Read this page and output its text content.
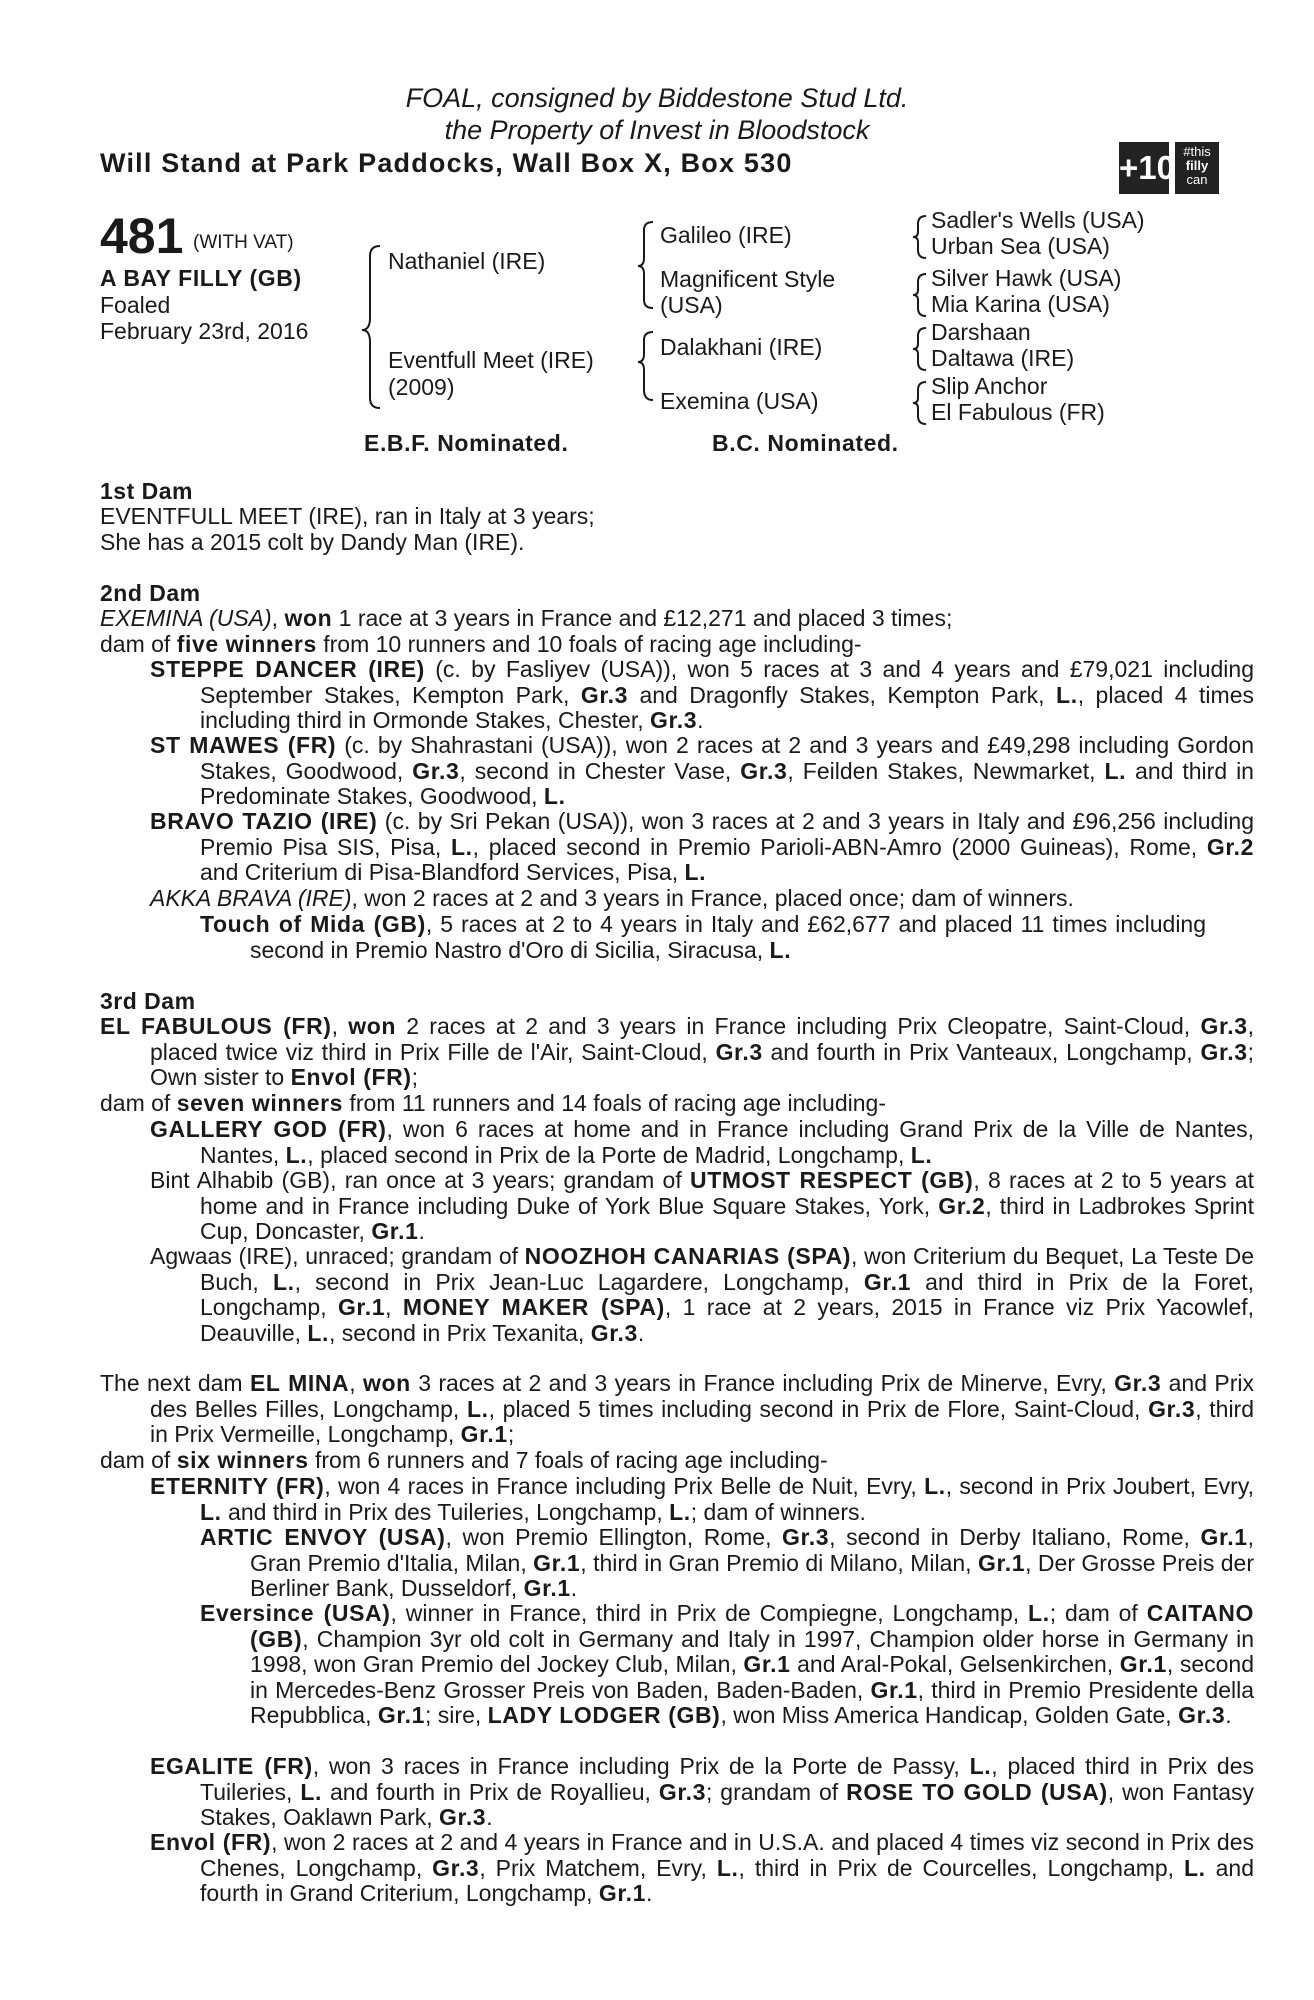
FOAL, consigned by Biddestone Stud Ltd.
the Property of Invest in Bloodstock
Will Stand at Park Paddocks, Wall Box X, Box 530	+10 #this
filly
can
481 (WITH VAT)
A BAY FILLY (GB)
Foaled
February 23rd, 2016
Nathaniel (IRE)
Eventfull Meet (IRE)
(2009)
Galileo (IRE)
Magnificent Style
(USA)
Dalakhani (IRE)
Exemina (USA)
Sadler's Wells (USA)
Urban Sea (USA)
Silver Hawk (USA)
Mia Karina (USA)
Darshaan
Daltawa (IRE)
Slip Anchor
El Fabulous (FR)
E.B.F. Nominated.	B.C. Nominated.
1st Dam
EVENTFULL MEET (IRE), ran in Italy at 3 years;
She has a 2015 colt by Dandy Man (IRE).
2nd Dam
EXEMINA (USA), won 1 race at 3 years in France and £12,271 and placed 3 times;
dam of five winners from 10 runners and 10 foals of racing age including-
STEPPE DANCER (IRE) (c. by Fasliyev (USA)), won 5 races at 3 and 4 years and £79,021 including September Stakes, Kempton Park, Gr.3 and Dragonfly Stakes, Kempton Park, L., placed 4 times including third in Ormonde Stakes, Chester, Gr.3.
ST MAWES (FR) (c. by Shahrastani (USA)), won 2 races at 2 and 3 years and £49,298 including Gordon Stakes, Goodwood, Gr.3, second in Chester Vase, Gr.3, Feilden Stakes, Newmarket, L. and third in Predominate Stakes, Goodwood, L.
BRAVO TAZIO (IRE) (c. by Sri Pekan (USA)), won 3 races at 2 and 3 years in Italy and £96,256 including Premio Pisa SIS, Pisa, L., placed second in Premio Parioli-ABN-Amro (2000 Guineas), Rome, Gr.2 and Criterium di Pisa-Blandford Services, Pisa, L.
AKKA BRAVA (IRE), won 2 races at 2 and 3 years in France, placed once; dam of winners.
Touch of Mida (GB), 5 races at 2 to 4 years in Italy and £62,677 and placed 11 times including second in Premio Nastro d'Oro di Sicilia, Siracusa, L.
3rd Dam
EL FABULOUS (FR), won 2 races at 2 and 3 years in France including Prix Cleopatre, Saint-Cloud, Gr.3, placed twice viz third in Prix Fille de l'Air, Saint-Cloud, Gr.3 and fourth in Prix Vanteaux, Longchamp, Gr.3; Own sister to Envol (FR);
dam of seven winners from 11 runners and 14 foals of racing age including-
GALLERY GOD (FR), won 6 races at home and in France including Grand Prix de la Ville de Nantes, Nantes, L., placed second in Prix de la Porte de Madrid, Longchamp, L.
Bint Alhabib (GB), ran once at 3 years; grandam of UTMOST RESPECT (GB), 8 races at 2 to 5 years at home and in France including Duke of York Blue Square Stakes, York, Gr.2, third in Ladbrokes Sprint Cup, Doncaster, Gr.1.
Agwaas (IRE), unraced; grandam of NOOZHOH CANARIAS (SPA), won Criterium du Bequet, La Teste De Buch, L., second in Prix Jean-Luc Lagardere, Longchamp, Gr.1 and third in Prix de la Foret, Longchamp, Gr.1, MONEY MAKER (SPA), 1 race at 2 years, 2015 in France viz Prix Yacowlef, Deauville, L., second in Prix Texanita, Gr.3.
The next dam EL MINA, won 3 races at 2 and 3 years in France including Prix de Minerve, Evry, Gr.3 and Prix des Belles Filles, Longchamp, L., placed 5 times including second in Prix de Flore, Saint-Cloud, Gr.3, third in Prix Vermeille, Longchamp, Gr.1;
dam of six winners from 6 runners and 7 foals of racing age including-
ETERNITY (FR), won 4 races in France including Prix Belle de Nuit, Evry, L., second in Prix Joubert, Evry, L. and third in Prix des Tuileries, Longchamp, L.; dam of winners.
ARTIC ENVOY (USA), won Premio Ellington, Rome, Gr.3, second in Derby Italiano, Rome, Gr.1, Gran Premio d'Italia, Milan, Gr.1, third in Gran Premio di Milano, Milan, Gr.1, Der Grosse Preis der Berliner Bank, Dusseldorf, Gr.1.
Eversince (USA), winner in France, third in Prix de Compiegne, Longchamp, L.; dam of CAITANO (GB), Champion 3yr old colt in Germany and Italy in 1997, Champion older horse in Germany in 1998, won Gran Premio del Jockey Club, Milan, Gr.1 and Aral-Pokal, Gelsenkirchen, Gr.1, second in Mercedes-Benz Grosser Preis von Baden, Baden-Baden, Gr.1, third in Premio Presidente della Repubblica, Gr.1; sire, LADY LODGER (GB), won Miss America Handicap, Golden Gate, Gr.3.
EGALITE (FR), won 3 races in France including Prix de la Porte de Passy, L., placed third in Prix des Tuileries, L. and fourth in Prix de Royallieu, Gr.3; grandam of ROSE TO GOLD (USA), won Fantasy Stakes, Oaklawn Park, Gr.3.
Envol (FR), won 2 races at 2 and 4 years in France and in U.S.A. and placed 4 times viz second in Prix des Chenes, Longchamp, Gr.3, Prix Matchem, Evry, L., third in Prix de Courcelles, Longchamp, L. and fourth in Grand Criterium, Longchamp, Gr.1.
